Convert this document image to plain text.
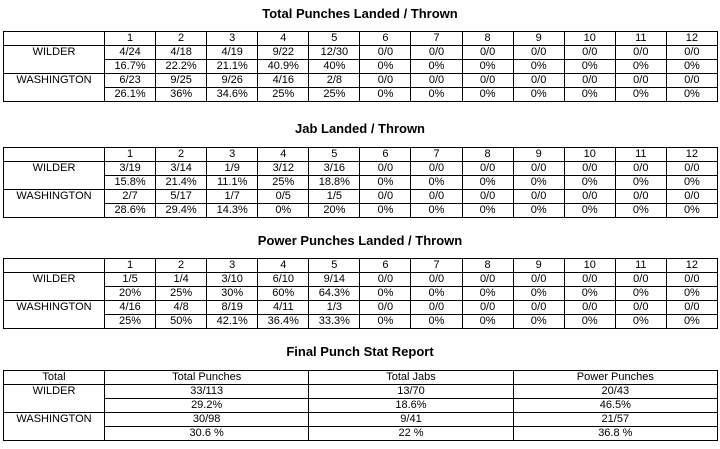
Total Punches Landed / Thrown
	1	2	3	4	5	6	7	8	9	10	11	12
WILDER	4/24	4/18	4/19	9/22	12/30	0/0	0/0	0/0	0/0	0/0	0/0	0/0
	16.7%	22.2%	21.1%	40.9%	40%	0%	0%	0%	0%	0%	0%	0%
WASHINGTON	6/23	9/25	9/26	4/16	2/8	0/0	0/0	0/0	0/0	0/0	0/0	0/0
	26.1%	36%	34.6%	25%	25%	0%	0%	0%	0%	0%	0%	0%
Jab Landed / Thrown
	1	2	3	4	5	6	7	8	9	10	11	12
WILDER	3/19	3/14	1/9	3/12	3/16	0/0	0/0	0/0	0/0	0/0	0/0	0/0
	15.8%	21.4%	11.1%	25%	18.8%	0%	0%	0%	0%	0%	0%	0%
WASHINGTON	2/7	5/17	1/7	0/5	1/5	0/0	0/0	0/0	0/0	0/0	0/0	0/0
	28.6%	29.4%	14.3%	0%	20%	0%	0%	0%	0%	0%	0%	0%
Power Punches Landed / Thrown
	1	2	3	4	5	6	7	8	9	10	11	12
WILDER	1/5	1/4	3/10	6/10	9/14	0/0	0/0	0/0	0/0	0/0	0/0	0/0
	20%	25%	30%	60%	64.3%	0%	0%	0%	0%	0%	0%	0%
WASHINGTON	4/16	4/8	8/19	4/11	1/3	0/0	0/0	0/0	0/0	0/0	0/0	0/0
	25%	50%	42.1%	36.4%	33.3%	0%	0%	0%	0%	0%	0%	0%
Final Punch Stat Report
Total	Total Punches	Total Jabs	Power Punches
WILDER	33/113	13/70	20/43
	29.2%	18.6%	46.5%
WASHINGTON	30/98	9/41	21/57
	30.6 %	22 %	36.8 %
